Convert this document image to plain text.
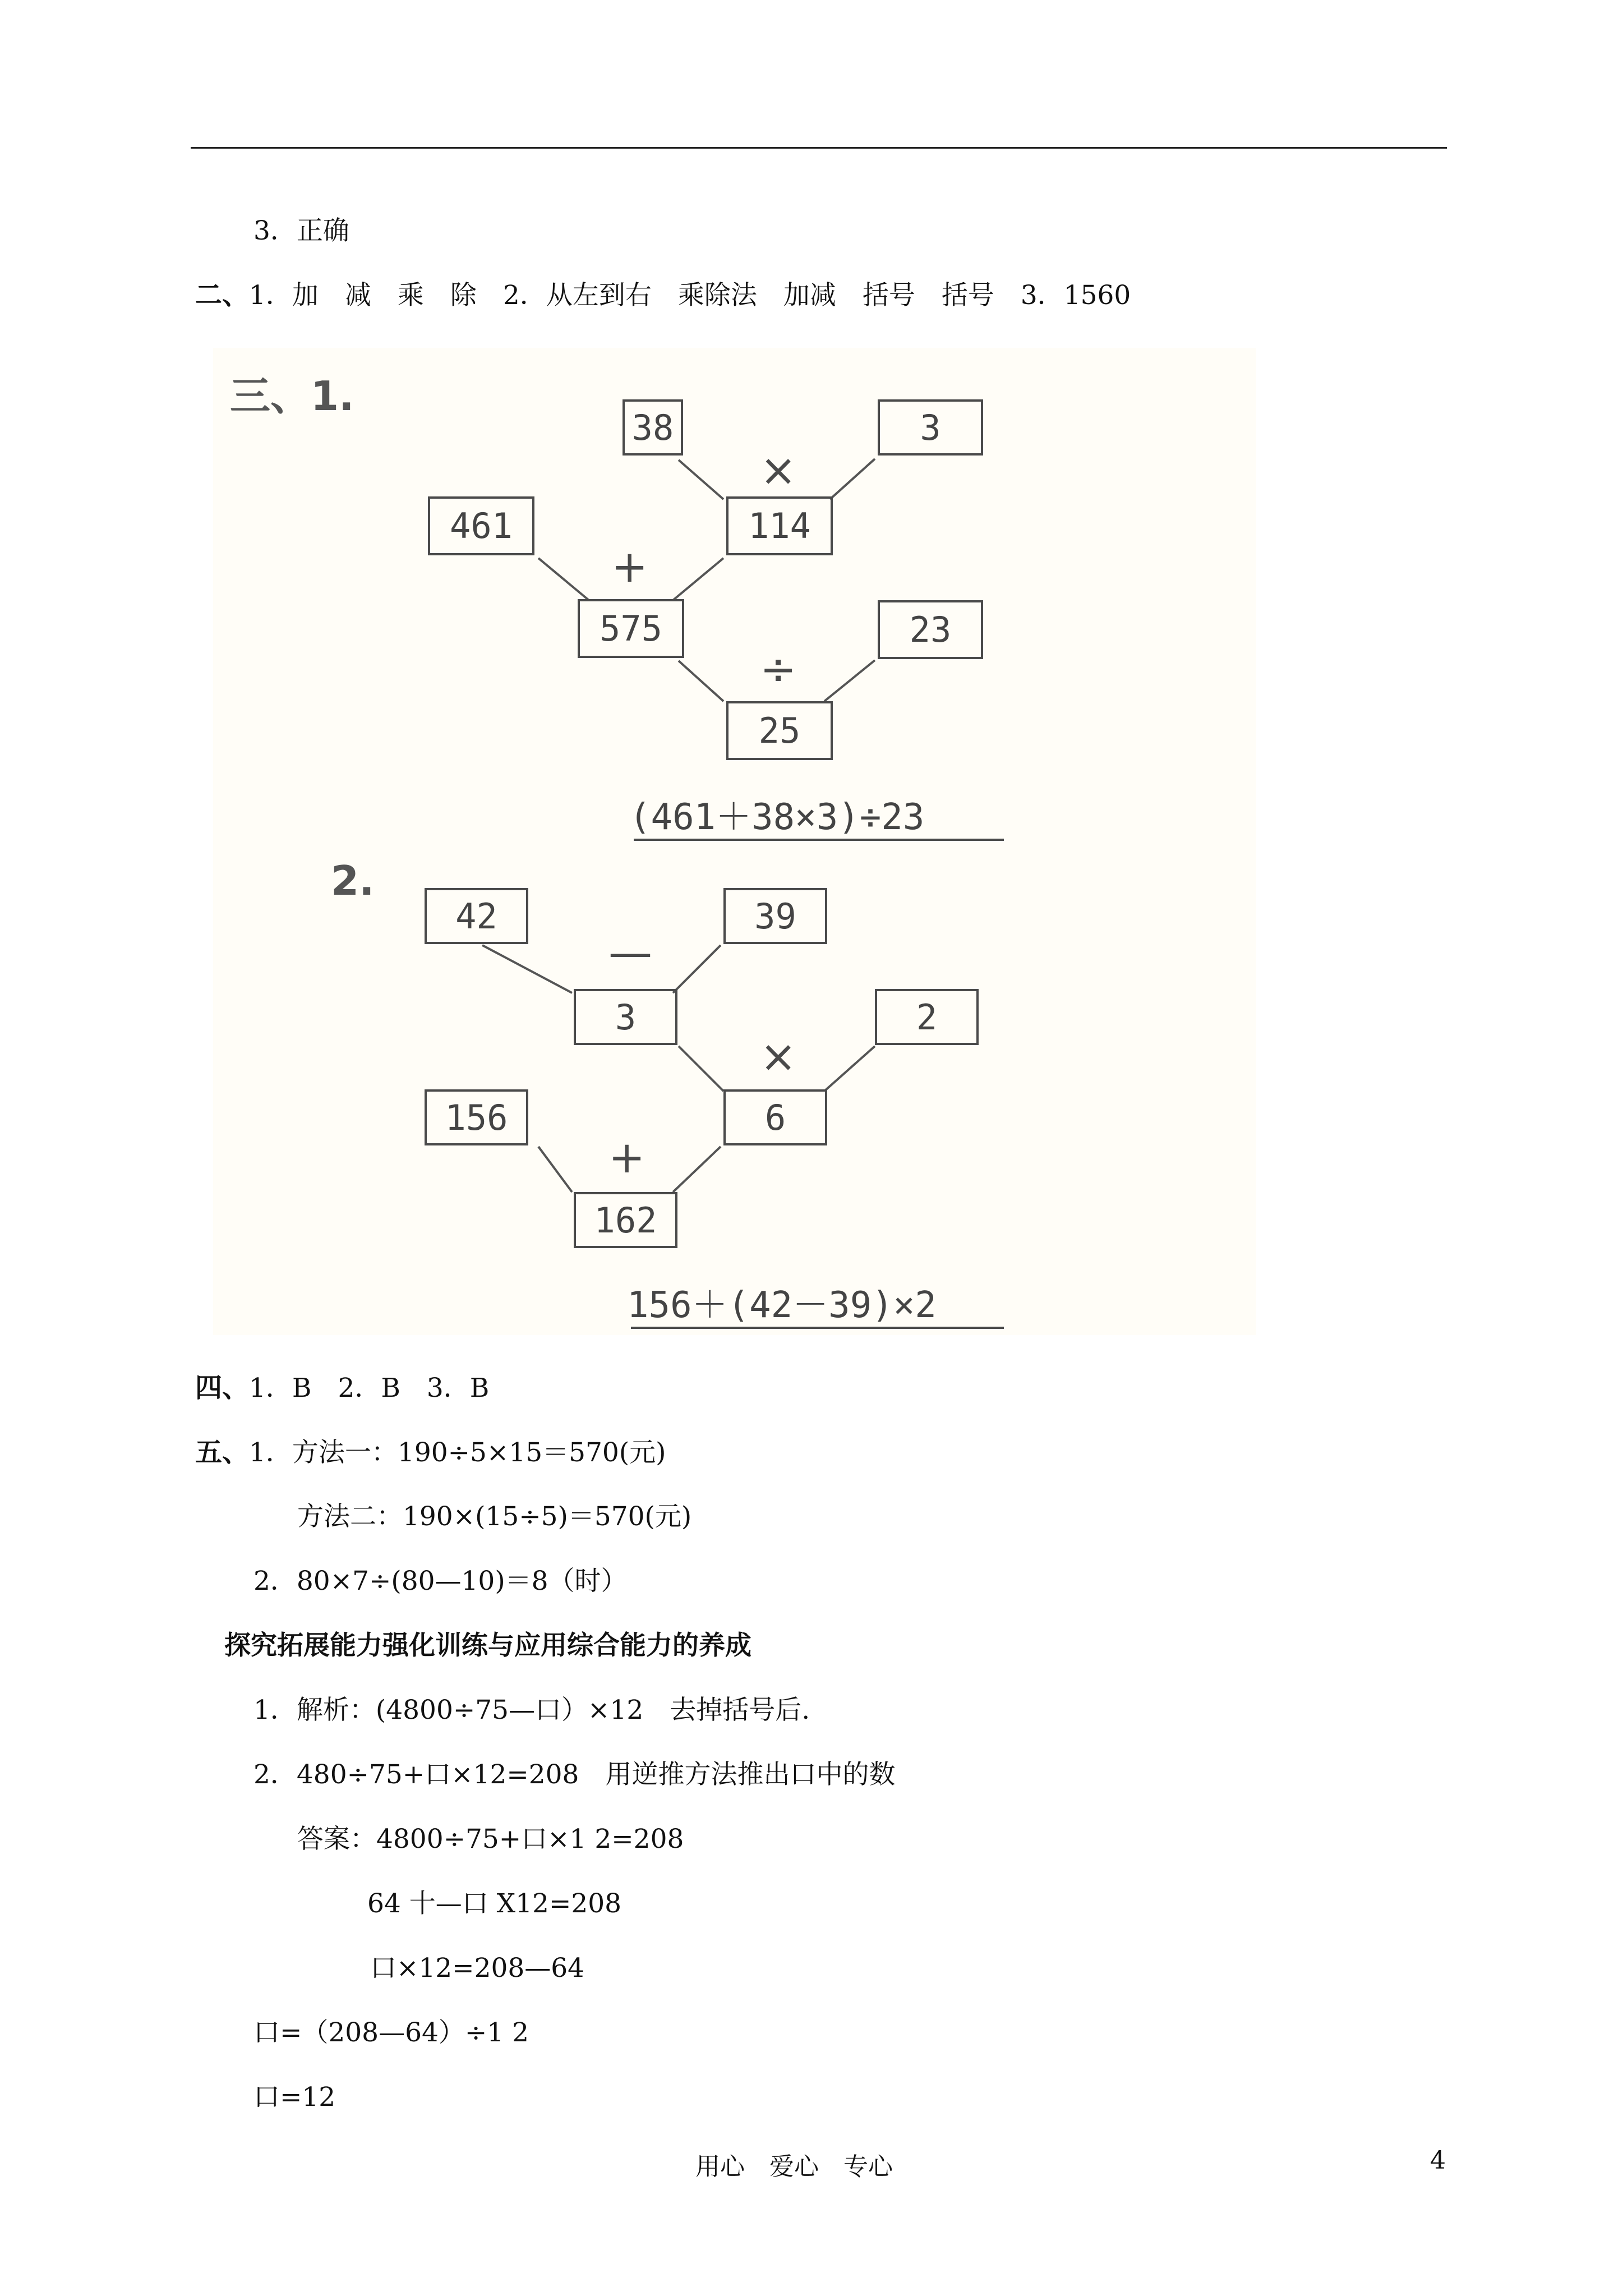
3．正确
二、1．加　减　乘　除　2．从左到右　乘除法　加减　括号　括号　3．1560
三、1.
38	3
×
461	114
+
575	23
÷
25
(461＋38×3)÷23
2.
42	39
—
3	2
×
156	6
+
162
156＋(42－39)×2
四、1．B　2．B　3．B
五、1．方法一：190÷5×15＝570(元)
方法二：190×(15÷5)＝570(元)
2．80×7÷(80—10)＝8（时）
探究拓展能力强化训练与应用综合能力的养成
1．解析：(4800÷75—口）×12　去掉括号后.
2．480÷75+口×12=208　用逆推方法推出口中的数
答案：4800÷75+口×1 2=208
64 十—口 X12=208
口×12=208—64
口=（208—64）÷1 2
口=12
用心　爱心　专心	4
